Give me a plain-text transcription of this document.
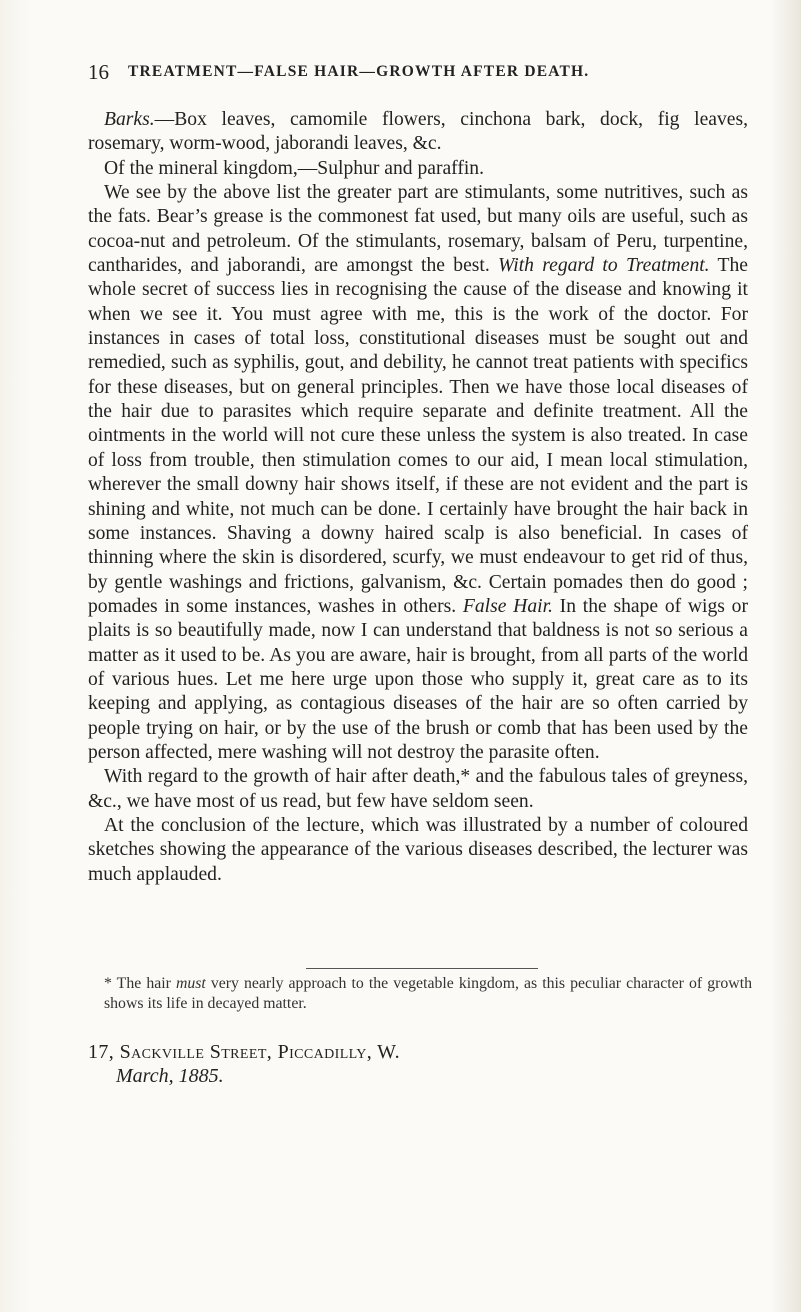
16 TREATMENT—FALSE HAIR—GROWTH AFTER DEATH.

Barks.—Box leaves, camomile flowers, cinchona bark, dock, fig leaves, rosemary, worm-wood, jaborandi leaves, &c.

Of the mineral kingdom,—Sulphur and paraffin.

We see by the above list the greater part are stimulants, some nutritives, such as the fats. Bear’s grease is the commonest fat used, but many oils are useful, such as cocoa-nut and petroleum. Of the stimulants, rosemary, balsam of Peru, turpentine, cantharides, and jaborandi, are amongst the best. With regard to Treatment. The whole secret of success lies in recognising the cause of the disease and knowing it when we see it. You must agree with me, this is the work of the doctor. For instances in cases of total loss, constitutional diseases must be sought out and remedied, such as syphilis, gout, and debility, he cannot treat patients with specifics for these diseases, but on general principles. Then we have those local diseases of the hair due to parasites which require separate and definite treatment. All the ointments in the world will not cure these unless the system is also treated. In case of loss from trouble, then stimulation comes to our aid, I mean local stimulation, wherever the small downy hair shows itself, if these are not evident and the part is shining and white, not much can be done. I certainly have brought the hair back in some instances. Shaving a downy haired scalp is also beneficial. In cases of thinning where the skin is disordered, scurfy, we must endeavour to get rid of thus, by gentle washings and frictions, galvanism, &c. Certain pomades then do good ; pomades in some instances, washes in others. False Hair. In the shape of wigs or plaits is so beautifully made, now I can understand that baldness is not so serious a matter as it used to be. As you are aware, hair is brought, from all parts of the world of various hues. Let me here urge upon those who supply it, great care as to its keeping and applying, as contagious diseases of the hair are so often carried by people trying on hair, or by the use of the brush or comb that has been used by the person affected, mere washing will not destroy the parasite often.

With regard to the growth of hair after death,* and the fabulous tales of greyness, &c., we have most of us read, but few have seldom seen.

At the conclusion of the lecture, which was illustrated by a number of coloured sketches showing the appearance of the various diseases described, the lecturer was much applauded.

* The hair must very nearly approach to the vegetable kingdom, as this peculiar character of growth shows its life in decayed matter.
17, Sackville Street, Piccadilly, W.
March, 1885.
